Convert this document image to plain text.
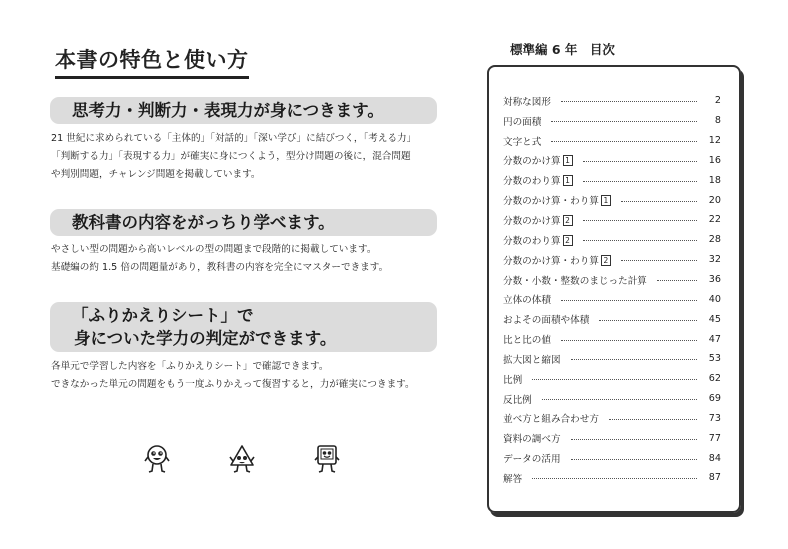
本書の特色と使い方
思考力・判断力・表現力が身につきます。
21 世紀に求められている「主体的」「対話的」「深い学び」に結びつく，「考える力」
「判断する力」「表現する力」が確実に身につくよう，型分け問題の後に，混合問題
や判別問題，チャレンジ問題を掲載しています。
教科書の内容をがっちり学べます。
やさしい型の問題から高いレベルの型の問題まで段階的に掲載しています。
基礎編の約 1.5 倍の問題量があり，教科書の内容を完全にマスターできます。
「ふりかえりシート」で
身についた学力の判定ができます。
各単元で学習した内容を「ふりかえりシート」で確認できます。
できなかった単元の問題をもう一度ふりかえって復習すると，力が確実につきます。
標準編 6 年　目次
対称な図形	2
円の面積	8
文字と式	12
分数のかけ算 1	16
分数のわり算 1	18
分数のかけ算・わり算 1	20
分数のかけ算 2	22
分数のわり算 2	28
分数のかけ算・わり算 2	32
分数・小数・整数のまじった計算	36
立体の体積	40
およその面積や体積	45
比と比の値	47
拡大図と縮図	53
比例	62
反比例	69
並べ方と組み合わせ方	73
資料の調べ方	77
データの活用	84
解答	87
